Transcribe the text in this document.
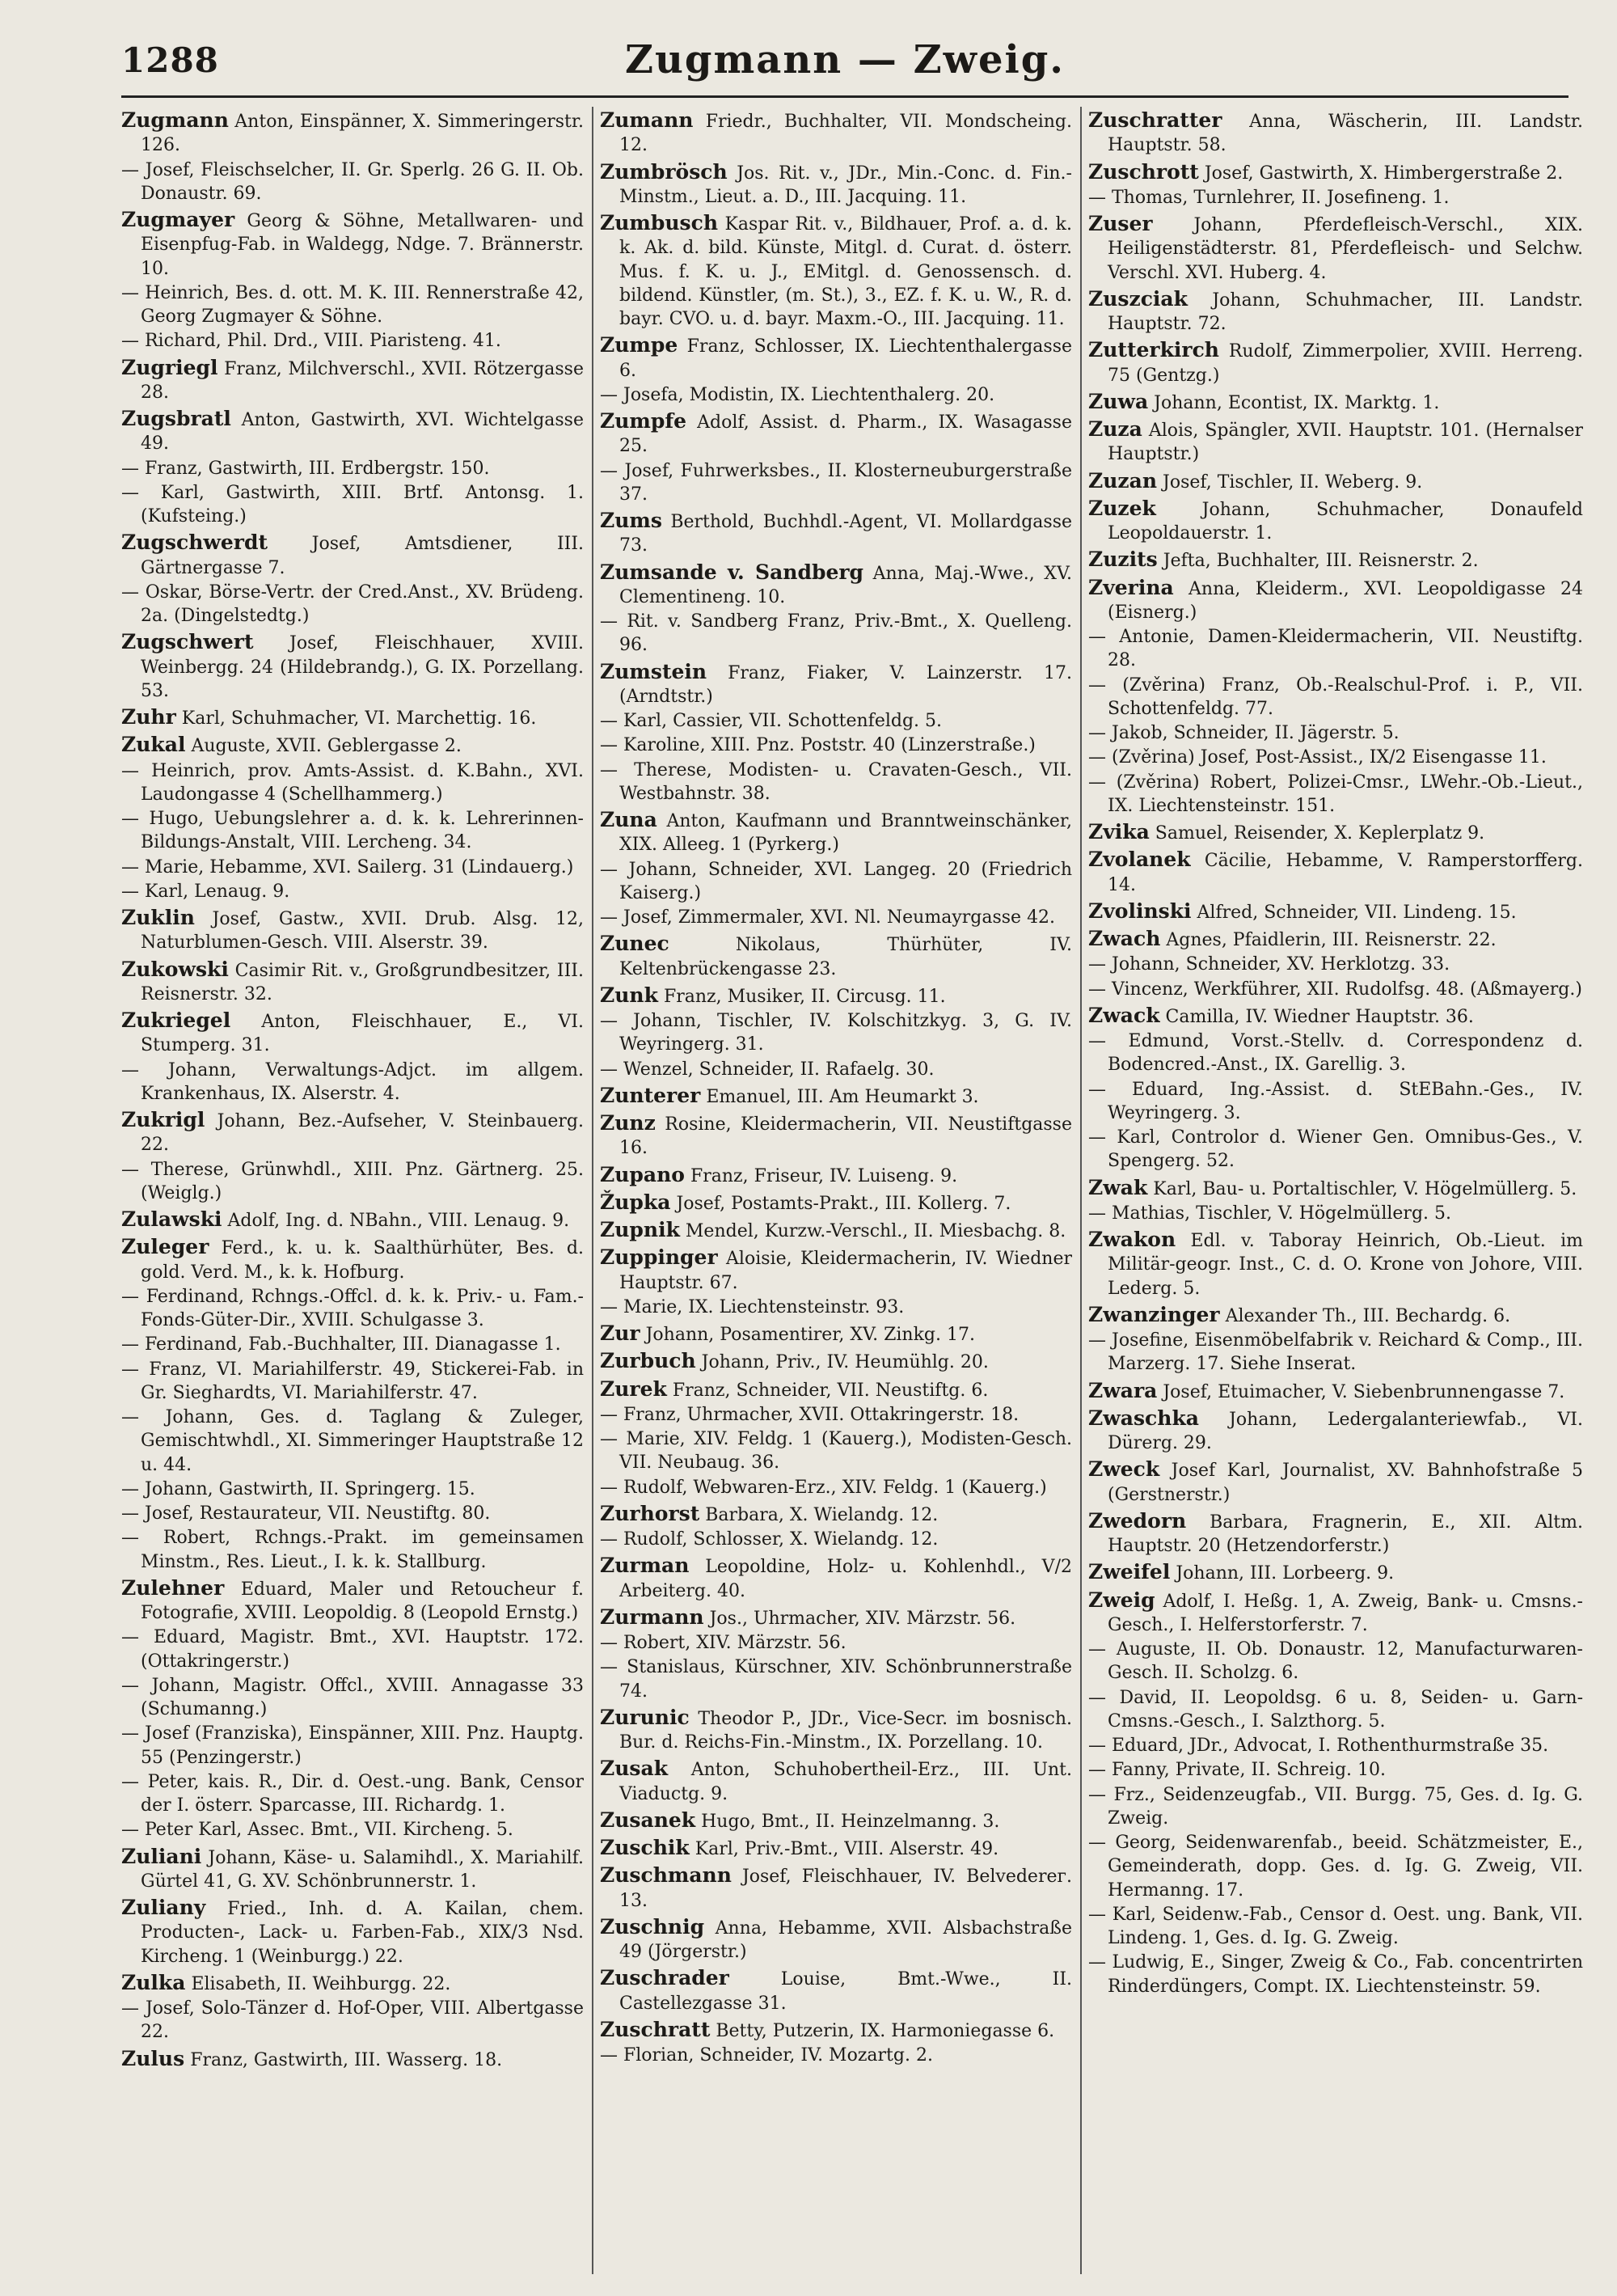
1288	Zugmann — Zweig.

Zugmann Anton, Einspänner, X. Simmeringerstr. 126.

— Josef, Fleischselcher, II. Gr. Sperlg. 26 G. II. Ob. Donaustr. 69.

Zugmayer Georg & Söhne, Metallwaren- und Eisenpfug-Fab. in Waldegg, Ndge. 7. Brännerstr. 10.

— Heinrich, Bes. d. ott. M. K. III. Rennerstraße 42, Georg Zugmayer & Söhne.

— Richard, Phil. Drd., VIII. Piaristeng. 41.

Zugriegl Franz, Milchverschl., XVII. Rötzergasse 28.

Zugsbratl Anton, Gastwirth, XVI. Wichtelgasse 49.

— Franz, Gastwirth, III. Erdbergstr. 150.

— Karl, Gastwirth, XIII. Brtf. Antonsg. 1. (Kufsteing.)

Zugschwerdt Josef, Amtsdiener, III. Gärtnergasse 7.

— Oskar, Börse-Vertr. der Cred.Anst., XV. Brüdeng. 2a. (Dingelstedtg.)

Zugschwert Josef, Fleischhauer, XVIII. Weinbergg. 24 (Hildebrandg.), G. IX. Porzellang. 53.

Zuhr Karl, Schuhmacher, VI. Marchettig. 16.

Zukal Auguste, XVII. Geblergasse 2.

— Heinrich, prov. Amts-Assist. d. K.Bahn., XVI. Laudongasse 4 (Schellhammerg.)

— Hugo, Uebungslehrer a. d. k. k. Lehrerinnen-Bildungs-Anstalt, VIII. Lercheng. 34.

— Marie, Hebamme, XVI. Sailerg. 31 (Lindauerg.)

— Karl, Lenaug. 9.

Zuklin Josef, Gastw., XVII. Drub. Alsg. 12, Naturblumen-Gesch. VIII. Alserstr. 39.

Zukowski Casimir Rit. v., Großgrundbesitzer, III. Reisnerstr. 32.

Zukriegel Anton, Fleischhauer, E., VI. Stumperg. 31.

— Johann, Verwaltungs-Adjct. im allgem. Krankenhaus, IX. Alserstr. 4.

Zukrigl Johann, Bez.-Aufseher, V. Steinbauerg. 22.

— Therese, Grünwhdl., XIII. Pnz. Gärtnerg. 25. (Weiglg.)

Zulawski Adolf, Ing. d. NBahn., VIII. Lenaug. 9.

Zuleger Ferd., k. u. k. Saalthürhüter, Bes. d. gold. Verd. M., k. k. Hofburg.

— Ferdinand, Rchngs.-Offcl. d. k. k. Priv.- u. Fam.-Fonds-Güter-Dir., XVIII. Schulgasse 3.

— Ferdinand, Fab.-Buchhalter, III. Dianagasse 1.

— Franz, VI. Mariahilferstr. 49, Stickerei-Fab. in Gr. Sieghardts, VI. Mariahilferstr. 47.

— Johann, Ges. d. Taglang & Zuleger, Gemischtwhdl., XI. Simmeringer Hauptstraße 12 u. 44.

— Johann, Gastwirth, II. Springerg. 15.

— Josef, Restaurateur, VII. Neustiftg. 80.

— Robert, Rchngs.-Prakt. im gemeinsamen Minstm., Res. Lieut., I. k. k. Stallburg.

Zulehner Eduard, Maler und Retoucheur f. Fotografie, XVIII. Leopoldig. 8 (Leopold Ernstg.)

— Eduard, Magistr. Bmt., XVI. Hauptstr. 172. (Ottakringerstr.)

— Johann, Magistr. Offcl., XVIII. Annagasse 33 (Schumanng.)

— Josef (Franziska), Einspänner, XIII. Pnz. Hauptg. 55 (Penzingerstr.)

— Peter, kais. R., Dir. d. Oest.-ung. Bank, Censor der I. österr. Sparcasse, III. Richardg. 1.

— Peter Karl, Assec. Bmt., VII. Kircheng. 5.

Zuliani Johann, Käse- u. Salamihdl., X. Mariahilf. Gürtel 41, G. XV. Schönbrunnerstr. 1.

Zuliany Fried., Inh. d. A. Kailan, chem. Producten-, Lack- u. Farben-Fab., XIX/3 Nsd. Kircheng. 1 (Weinburgg.) 22.

Zulka Elisabeth, II. Weihburgg. 22.

— Josef, Solo-Tänzer d. Hof-Oper, VIII. Albertgasse 22.

Zulus Franz, Gastwirth, III. Wasserg. 18.

Zumann Friedr., Buchhalter, VII. Mondscheing. 12.

Zumbrösch Jos. Rit. v., JDr., Min.-Conc. d. Fin.-Minstm., Lieut. a. D., III. Jacquing. 11.

Zumbusch Kaspar Rit. v., Bildhauer, Prof. a. d. k. k. Ak. d. bild. Künste, Mitgl. d. Curat. d. österr. Mus. f. K. u. J., EMitgl. d. Genossensch. d. bildend. Künstler, (m. St.), 3., EZ. f. K. u. W., R. d. bayr. CVO. u. d. bayr. Maxm.-O., III. Jacquing. 11.

Zumpe Franz, Schlosser, IX. Liechtenthalergasse 6.

— Josefa, Modistin, IX. Liechtenthalerg. 20.

Zumpfe Adolf, Assist. d. Pharm., IX. Wasagasse 25.

— Josef, Fuhrwerksbes., II. Klosterneuburgerstraße 37.

Zums Berthold, Buchhdl.-Agent, VI. Mollardgasse 73.

Zumsande v. Sandberg Anna, Maj.-Wwe., XV. Clementineng. 10.

— Rit. v. Sandberg Franz, Priv.-Bmt., X. Quelleng. 96.

Zumstein Franz, Fiaker, V. Lainzerstr. 17. (Arndtstr.)

— Karl, Cassier, VII. Schottenfeldg. 5.

— Karoline, XIII. Pnz. Poststr. 40 (Linzerstraße.)

— Therese, Modisten- u. Cravaten-Gesch., VII. Westbahnstr. 38.

Zuna Anton, Kaufmann und Branntweinschänker, XIX. Alleeg. 1 (Pyrkerg.)

— Johann, Schneider, XVI. Langeg. 20 (Friedrich Kaiserg.)

— Josef, Zimmermaler, XVI. Nl. Neumayrgasse 42.

Zunec	Nikolaus, Thürhüter, IV. Keltenbrückengasse 23.

Zunk Franz, Musiker, II. Circusg. 11.

— Johann, Tischler, IV. Kolschitzkyg. 3, G. IV. Weyringerg. 31.

— Wenzel, Schneider, II. Rafaelg. 30.

Zunterer Emanuel, III. Am Heumarkt 3.

Zunz Rosine, Kleidermacherin, VII. Neustiftgasse 16.

Zupano Franz, Friseur, IV. Luiseng. 9.

Župka Josef, Postamts-Prakt., III. Kollerg. 7.

Zupnik Mendel, Kurzw.-Verschl., II. Miesbachg. 8.

Zuppinger Aloisie, Kleidermacherin, IV. Wiedner Hauptstr. 67.

— Marie, IX. Liechtensteinstr. 93.

Zur Johann, Posamentirer, XV. Zinkg. 17.

Zurbuch Johann, Priv., IV. Heumühlg. 20.

Zurek Franz, Schneider, VII. Neustiftg. 6.

— Franz, Uhrmacher, XVII. Ottakringerstr. 18.

— Marie, XIV. Feldg. 1 (Kauerg.), Modisten-Gesch. VII. Neubaug. 36.

— Rudolf, Webwaren-Erz., XIV. Feldg. 1 (Kauerg.)

Zurhorst Barbara, X. Wielandg. 12.

— Rudolf, Schlosser, X. Wielandg. 12.

Zurman Leopoldine, Holz- u. Kohlenhdl., V/2 Arbeiterg. 40.

Zurmann Jos., Uhrmacher, XIV. Märzstr. 56.

— Robert, XIV. Märzstr. 56.

— Stanislaus, Kürschner, XIV. Schönbrunnerstraße 74.

Zurunic Theodor P., JDr., Vice-Secr. im bosnisch. Bur. d. Reichs-Fin.-Minstm., IX. Porzellang. 10.

Zusak Anton, Schuhobertheil-Erz., III. Unt. Viaductg. 9.

Zusanek Hugo, Bmt., II. Heinzelmanng. 3.

Zuschik Karl, Priv.-Bmt., VIII. Alserstr. 49.

Zuschmann Josef, Fleischhauer, IV. Belvederег. 13.

Zuschnig Anna, Hebamme, XVII. Alsbachstraße 49 (Jörgerstr.)

Zuschrader	Louise, Bmt.-Wwe., II. Castellezgasse 31.

Zuschratt Betty, Putzerin, IX. Harmoniegasse 6.

— Florian, Schneider, IV. Mozartg. 2.

Zuschratter Anna, Wäscherin, III. Landstr. Hauptstr. 58.

Zuschrott Josef, Gastwirth, X. Himbergerstraße 2.

— Thomas, Turnlehrer, II. Josefineng. 1.

Zuser Johann, Pferdefleisch-Verschl., XIX. Heiligenstädterstr. 81, Pferdefleisch- und Selchw. Verschl. XVI. Huberg. 4.

Zuszciak Johann, Schuhmacher, III. Landstr. Hauptstr. 72.

Zutterkirch Rudolf, Zimmerpolier, XVIII. Herreng. 75 (Gentzg.)

Zuwa Johann, Econtist, IX. Marktg. 1.

Zuza Alois, Spängler, XVII. Hauptstr. 101. (Hernalser Hauptstr.)

Zuzan Josef, Tischler, II. Weberg. 9.

Zuzek	Johann, Schuhmacher, Donaufeld Leopoldauerstr. 1.

Zuzits Jefta, Buchhalter, III. Reisnerstr. 2.

Zverina Anna, Kleiderm., XVI. Leopoldigasse 24 (Eisnerg.)

— Antonie, Damen-Kleidermacherin, VII. Neustiftg. 28.

— (Zvěrina) Franz, Ob.-Realschul-Prof. i. P., VII. Schottenfeldg. 77.

— Jakob, Schneider, II. Jägerstr. 5.

— (Zvěrina) Josef, Post-Assist., IX/2 Eisengasse 11.

— (Zvěrina) Robert, Polizei-Cmsr., LWehr.-Ob.-Lieut., IX. Liechtensteinstr. 151.

Zvika Samuel, Reisender, X. Keplerplatz 9.

Zvolanek Cäcilie, Hebamme, V. Ramperstorfferg. 14.

Zvolinski Alfred, Schneider, VII. Lindeng. 15.

Zwach Agnes, Pfaidlerin, III. Reisnerstr. 22.

— Johann, Schneider, XV. Herklotzg. 33.

— Vincenz, Werkführer, XII. Rudolfsg. 48. (Aßmayerg.)

Zwack Camilla, IV. Wiedner Hauptstr. 36.

— Edmund, Vorst.-Stellv. d. Correspondenz d. Bodencred.-Anst., IX. Garellig. 3.

— Eduard, Ing.-Assist. d. StEBahn.-Ges., IV. Weyringerg. 3.

— Karl, Controlor d. Wiener Gen. Omnibus-Ges., V. Spengerg. 52.

Zwak Karl, Bau- u. Portaltischler, V. Högelmüllerg. 5.

— Mathias, Tischler, V. Högelmüllerg. 5.

Zwakon Edl. v. Taboray Heinrich, Ob.-Lieut. im Militär-geogr. Inst., C. d. O. Krone von Johore, VIII. Lederg. 5.

Zwanzinger Alexander Th., III. Bechardg. 6.

— Josefine, Eisenmöbelfabrik v. Reichard & Comp., III. Marzerg. 17. Siehe Inserat.

Zwara Josef, Etuimacher, V. Siebenbrunnengasse 7.

Zwaschka Johann, Ledergalanteriewfab., VI. Dürerg. 29.

Zweck Josef Karl, Journalist, XV. Bahnhofstraße 5 (Gerstnerstr.)

Zwedorn Barbara, Fragnerin, E., XII. Altm. Hauptstr. 20 (Hetzendorferstr.)

Zweifel Johann, III. Lorbeerg. 9.

Zweig Adolf, I. Heßg. 1, A. Zweig, Bank- u. Cmsns.-Gesch., I. Helferstorferstr. 7.

— Auguste, II. Ob. Donaustr. 12, Manufacturwaren-Gesch. II. Scholzg. 6.

— David, II. Leopoldsg. 6 u. 8, Seiden- u. Garn-Cmsns.-Gesch., I. Salzthorg. 5.

— Eduard, JDr., Advocat, I. Rothenthurmstraße 35.

— Fanny, Private, II. Schreig. 10.

— Frz., Seidenzeugfab., VII. Burgg. 75, Ges. d. Ig. G. Zweig.

— Georg, Seidenwarenfab., beeid. Schätzmeister, E., Gemeinderath, dopp. Ges. d. Ig. G. Zweig, VII. Hermanng. 17.

— Karl, Seidenw.-Fab., Censor d. Oest. ung. Bank, VII. Lindeng. 1, Ges. d. Ig. G. Zweig.

— Ludwig, E., Singer, Zweig & Co., Fab. concentrirten Rinderdüngers, Compt. IX. Liechtensteinstr. 59.
